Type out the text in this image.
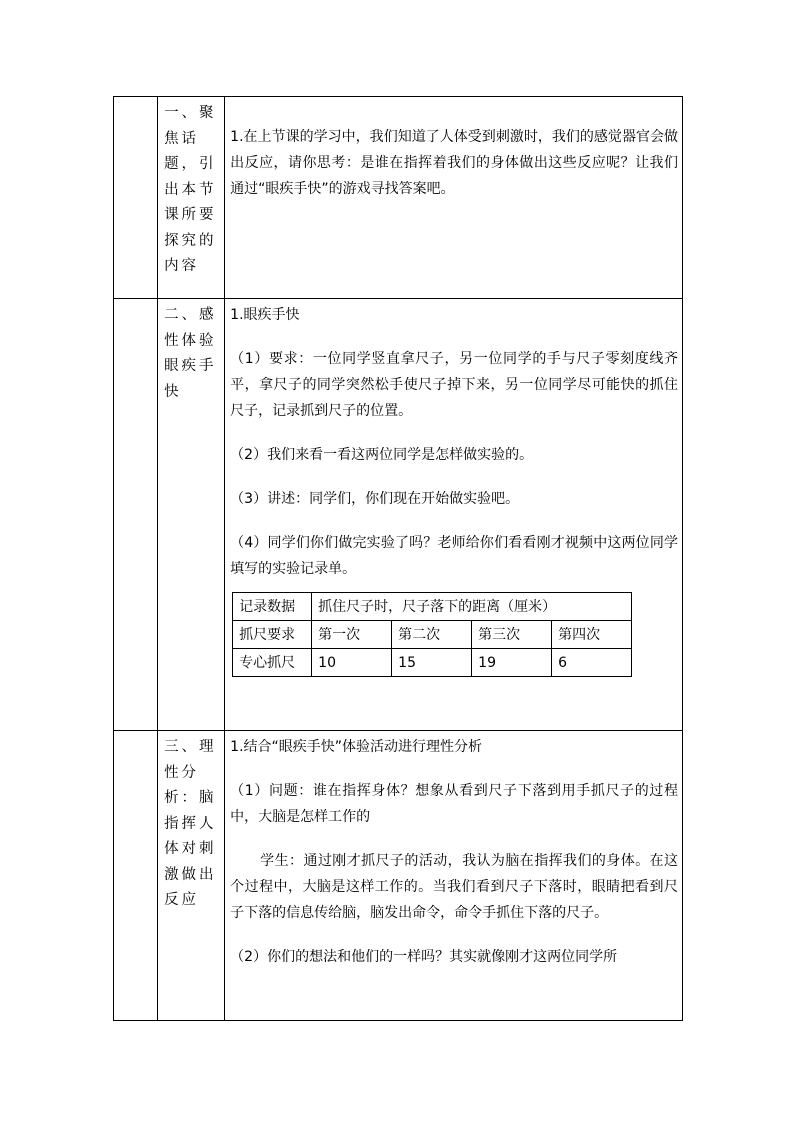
一、聚焦话题，引出本节课所要探究的内容

1.在上节课的学习中，我们知道了人体受到刺激时，我们的感觉器官会做出反应，请你思考：是谁在指挥着我们的身体做出这些反应呢？让我们通过“眼疾手快”的游戏寻找答案吧。

二、感性体验眼疾手快

1.眼疾手快

（1）要求：一位同学竖直拿尺子，另一位同学的手与尺子零刻度线齐平，拿尺子的同学突然松手使尺子掉下来，另一位同学尽可能快的抓住尺子，记录抓到尺子的位置。

（2）我们来看一看这两位同学是怎样做实验的。

（3）讲述：同学们，你们现在开始做实验吧。

（4）同学们你们做完实验了吗？老师给你们看看刚才视频中这两位同学填写的实验记录单。

记录数据	抓住尺子时，尺子落下的距离（厘米）
抓尺要求	第一次	第二次	第三次	第四次
专心抓尺	10	15	19	6

三、理性分析：脑指挥人体对刺激做出反应

1.结合“眼疾手快”体验活动进行理性分析

（1）问题：谁在指挥身体？想象从看到尺子下落到用手抓尺子的过程中，大脑是怎样工作的

学生：通过刚才抓尺子的活动，我认为脑在指挥我们的身体。在这个过程中，大脑是这样工作的。当我们看到尺子下落时，眼睛把看到尺子下落的信息传给脑，脑发出命令，命令手抓住下落的尺子。

（2）你们的想法和他们的一样吗？其实就像刚才这两位同学所
